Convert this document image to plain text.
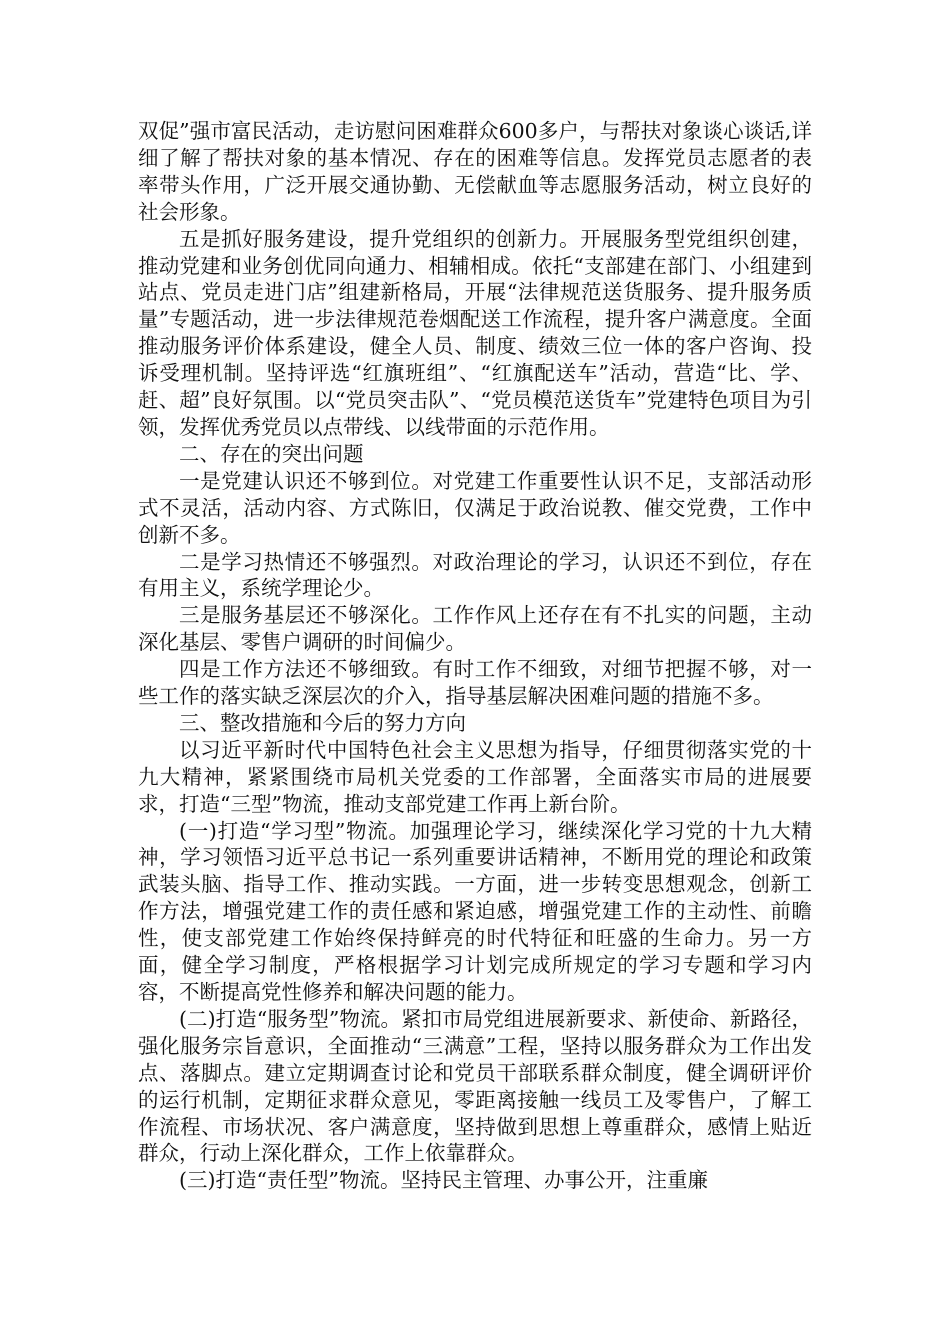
双促”强市富民活动，走访慰问困难群众600多户，与帮扶对象谈心谈话,详细了解了帮扶对象的基本情况、存在的困难等信息。发挥党员志愿者的表率带头作用，广泛开展交通协勤、无偿献血等志愿服务活动，树立良好的社会形象。

五是抓好服务建设，提升党组织的创新力。开展服务型党组织创建，推动党建和业务创优同向通力、相辅相成。依托“支部建在部门、小组建到站点、党员走进门店”组建新格局，开展“法律规范送货服务、提升服务质量”专题活动，进一步法律规范卷烟配送工作流程，提升客户满意度。全面推动服务评价体系建设，健全人员、制度、绩效三位一体的客户咨询、投诉受理机制。坚持评选“红旗班组”、“红旗配送车”活动，营造“比、学、赶、超”良好氛围。以“党员突击队”、“党员模范送货车”党建特色项目为引领，发挥优秀党员以点带线、以线带面的示范作用。

二、存在的突出问题

一是党建认识还不够到位。对党建工作重要性认识不足，支部活动形式不灵活，活动内容、方式陈旧，仅满足于政治说教、催交党费，工作中创新不多。

二是学习热情还不够强烈。对政治理论的学习，认识还不到位，存在有用主义，系统学理论少。

三是服务基层还不够深化。工作作风上还存在有不扎实的问题，主动深化基层、零售户调研的时间偏少。

四是工作方法还不够细致。有时工作不细致，对细节把握不够，对一些工作的落实缺乏深层次的介入，指导基层解决困难问题的措施不多。

三、整改措施和今后的努力方向

以习近平新时代中国特色社会主义思想为指导，仔细贯彻落实党的十九大精神，紧紧围绕市局机关党委的工作部署，全面落实市局的进展要求，打造“三型”物流，推动支部党建工作再上新台阶。

(一)打造“学习型”物流。加强理论学习，继续深化学习党的十九大精神，学习领悟习近平总书记一系列重要讲话精神，不断用党的理论和政策武装头脑、指导工作、推动实践。一方面，进一步转变思想观念，创新工作方法，增强党建工作的责任感和紧迫感，增强党建工作的主动性、前瞻性，使支部党建工作始终保持鲜亮的时代特征和旺盛的生命力。另一方面，健全学习制度，严格根据学习计划完成所规定的学习专题和学习内容，不断提高党性修养和解决问题的能力。

(二)打造“服务型”物流。紧扣市局党组进展新要求、新使命、新路径，强化服务宗旨意识，全面推动“三满意”工程，坚持以服务群众为工作出发点、落脚点。建立定期调查讨论和党员干部联系群众制度，健全调研评价的运行机制，定期征求群众意见，零距离接触一线员工及零售户，了解工作流程、市场状况、客户满意度，坚持做到思想上尊重群众，感情上贴近群众，行动上深化群众，工作上依靠群众。

(三)打造“责任型”物流。坚持民主管理、办事公开，注重廉
